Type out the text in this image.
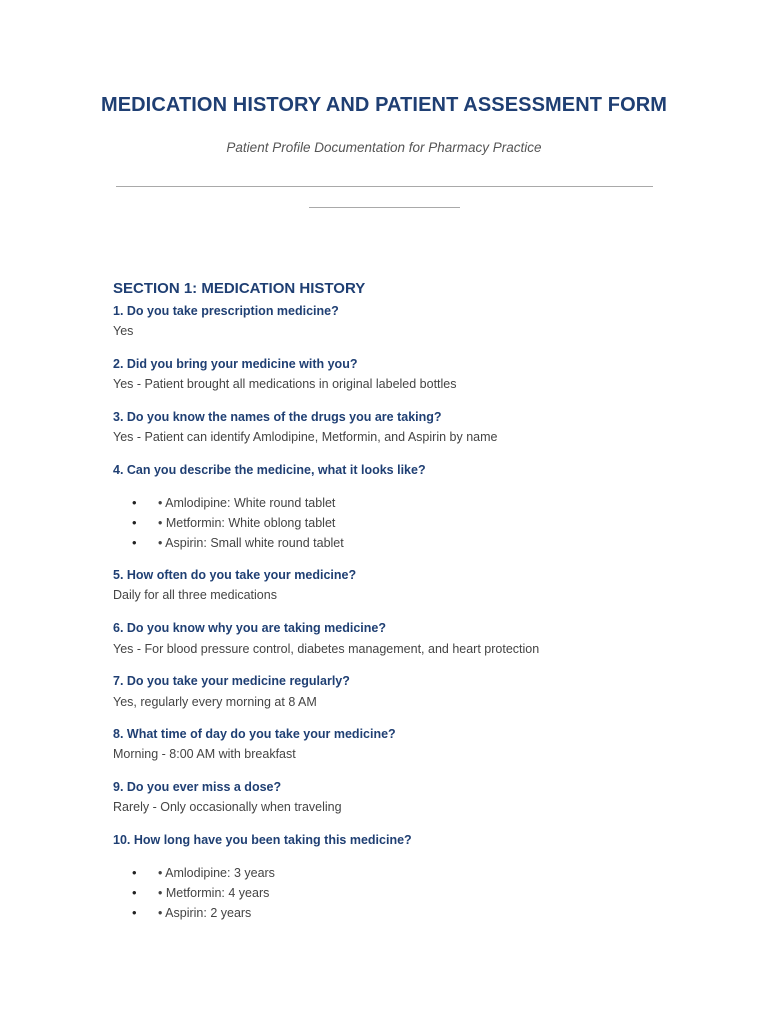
MEDICATION HISTORY AND PATIENT ASSESSMENT FORM

Patient Profile Documentation for Pharmacy Practice

SECTION 1: MEDICATION HISTORY

1. Do you take prescription medicine?

Yes

2. Did you bring your medicine with you?

Yes - Patient brought all medications in original labeled bottles

3. Do you know the names of the drugs you are taking?

Yes - Patient can identify Amlodipine, Metformin, and Aspirin by name

4. Can you describe the medicine, what it looks like?

• • Amlodipine: White round tablet
• • Metformin: White oblong tablet
• • Aspirin: Small white round tablet

5. How often do you take your medicine?

Daily for all three medications

6. Do you know why you are taking medicine?

Yes - For blood pressure control, diabetes management, and heart protection

7. Do you take your medicine regularly?

Yes, regularly every morning at 8 AM

8. What time of day do you take your medicine?

Morning - 8:00 AM with breakfast

9. Do you ever miss a dose?

Rarely - Only occasionally when traveling

10. How long have you been taking this medicine?

• • Amlodipine: 3 years
• • Metformin: 4 years
• • Aspirin: 2 years
